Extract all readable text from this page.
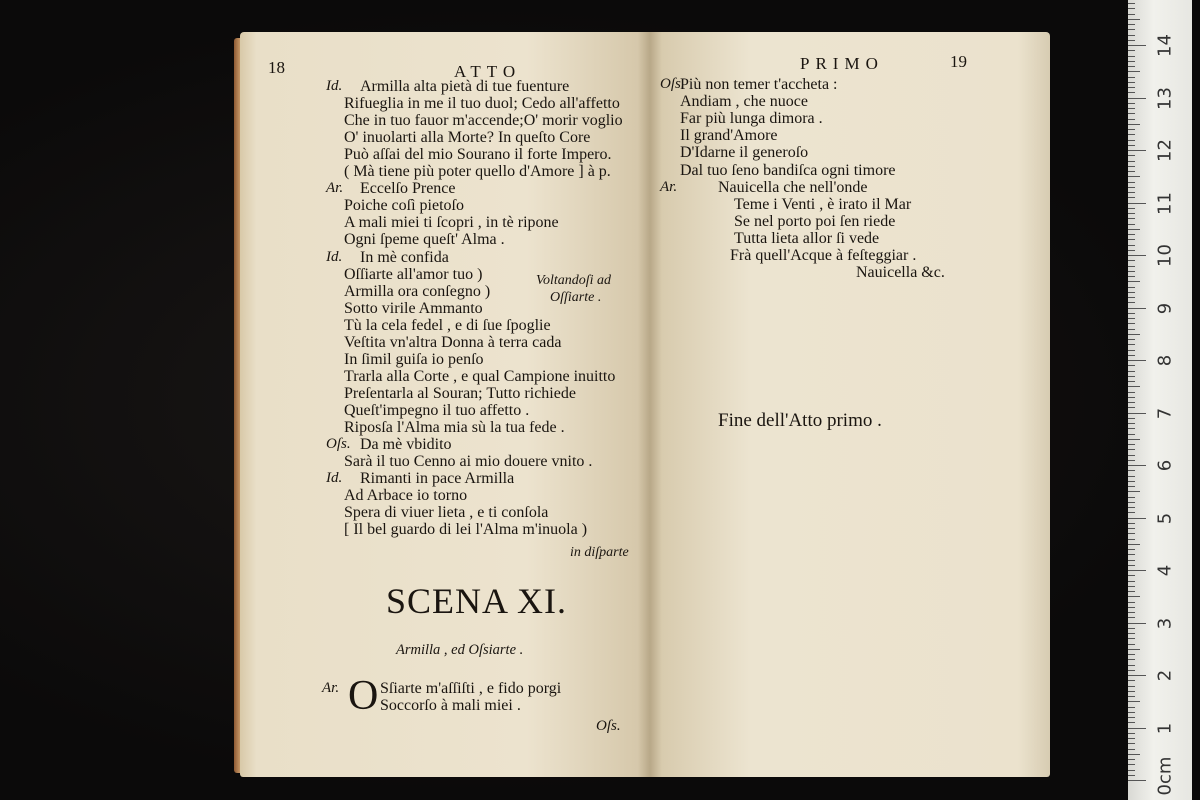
18	ATTO
Id. Armilla alta pietà di tue fuenture
Rifueglia in me il tuo duol; Cedo all'affetto
Che in tuo fauor m'accende;O' morir voglio
O' inuolarti alla Morte? In queſto Core
Può aſſai del mio Sourano il forte Impero.
( Mà tiene più poter quello d'Amore ] à p.
Ar. Eccelſo Prence
Poiche coſì pietoſo
A mali miei ti ſcopri , in tè ripone
Ogni ſpeme queſt' Alma .
Id. In mè confida
Oſſiarte all'amor tuo )
Armilla ora conſegno )
Sotto virile Ammanto
Tù la cela fedel , e di ſue ſpoglie
Veſtita vn'altra Donna à terra cada
In ſimil guiſa io penſo
Trarla alla Corte , e qual Campione inuitto
Preſentarla al Souran; Tutto richiede
Queſt'impegno il tuo affetto .
Riposſa l'Alma mia sù la tua fede .
Oſs. Da mè vbidito
Sarà il tuo Cenno ai mio douere vnito .
Id. Rimanti in pace Armilla
Ad Arbace io torno
Spera di viuer lieta , e ti conſola
[ Il bel guardo di lei l'Alma m'inuola )
Voltandoſi ad
Oſſiarte .
in diſparte
SCENA XI.
Armilla , ed Oſsiarte .
Ar. O Sſiarte m'aſſiſti , e fido porgi
Soccorſo à mali miei .
Oſs.
PRIMO	19
Oſs.
Più non temer t'accheta :
Andiam , che nuoce
Far più lunga dimora .
Il grand'Amore
D'Idarne il generoſo
Dal tuo ſeno bandiſca ogni timore
Ar.	Nauicella che nell'onde
Teme i Venti , è irato il Mar
Se nel porto poi ſen riede
Tutta lieta allor ſi vede
Frà quell'Acque à feſteggiar .
Nauicella &c.
Fine dell'Atto primo .
0cm
1
2
3
4
5
6
7
8
9
10
11
12
13
14
